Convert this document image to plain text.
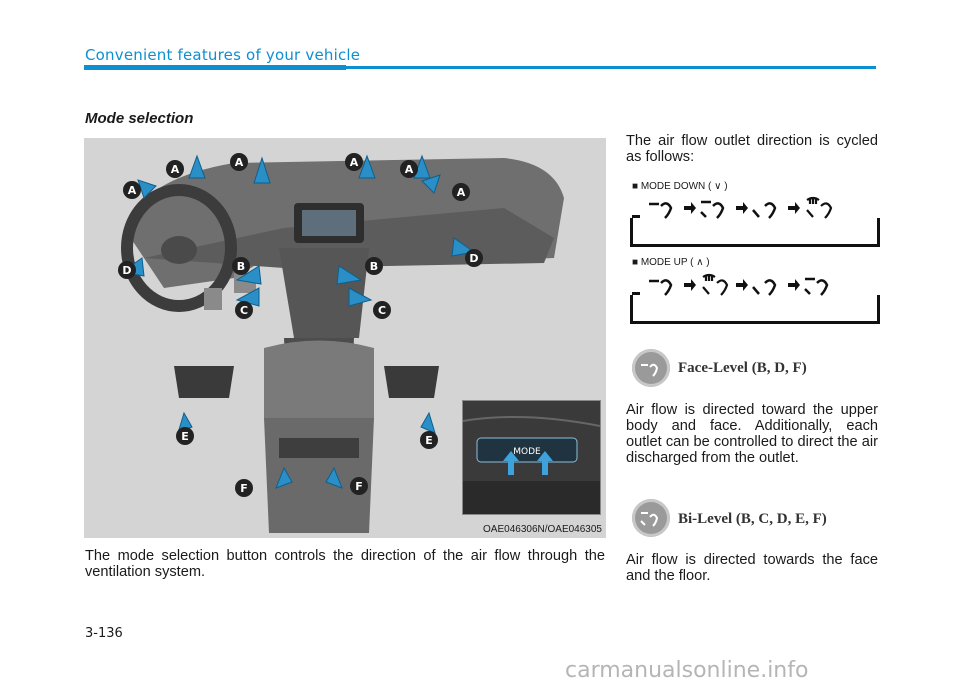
Convenient features of your vehicle
Mode selection
A
A	A
A
A	A
B	B
C	C
D
D
E	E
F	F
MODE
OAE046306N/OAE046305
The mode selection button controls the direction of the air flow through the ventilation system.
The air flow outlet direction is cycled as follows:
■ MODE DOWN ( ∨ )
■ MODE UP ( ∧ )
Face-Level (B, D, F)
Air flow is directed toward the upper body and face. Additionally, each outlet can be controlled to direct the air discharged from the outlet.
Bi-Level (B, C, D, E, F)
Air flow is directed towards the face and the floor.
3-136
carmanualsonline.info
